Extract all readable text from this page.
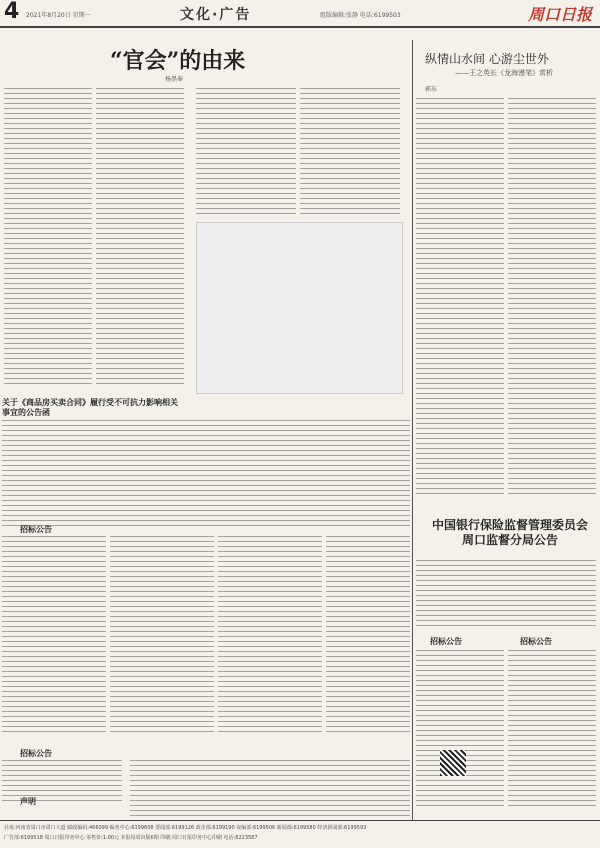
4 2021年8月20日 星期一	文化·广告	组版编辑:张静 电话:6199503	周口日报
“官会”的由来
杨黑奉
纵情山水间 心游尘世外
——王之英长《龙海漫笔》赏析
郭东
中国银行保险监督管理委员会周口监督分局公告
关于《商品房买卖合同》履行受不可抗力影响相关事宜的公告函
招标公告
招标公告
声明
招标公告	招标公告
社址:河南省周口市周口大道 邮政编码:466099 编务中心:6199608 要闻部:6199126 政企部:6199190 夜编部:6199506 新闻部:6199580 经济新闻部:6199593
广告部:6199518 周口日报印务中心 零售价:1.00元 本报每周出版6期 印刷:周口日报印务中心印刷 电话:8223587
